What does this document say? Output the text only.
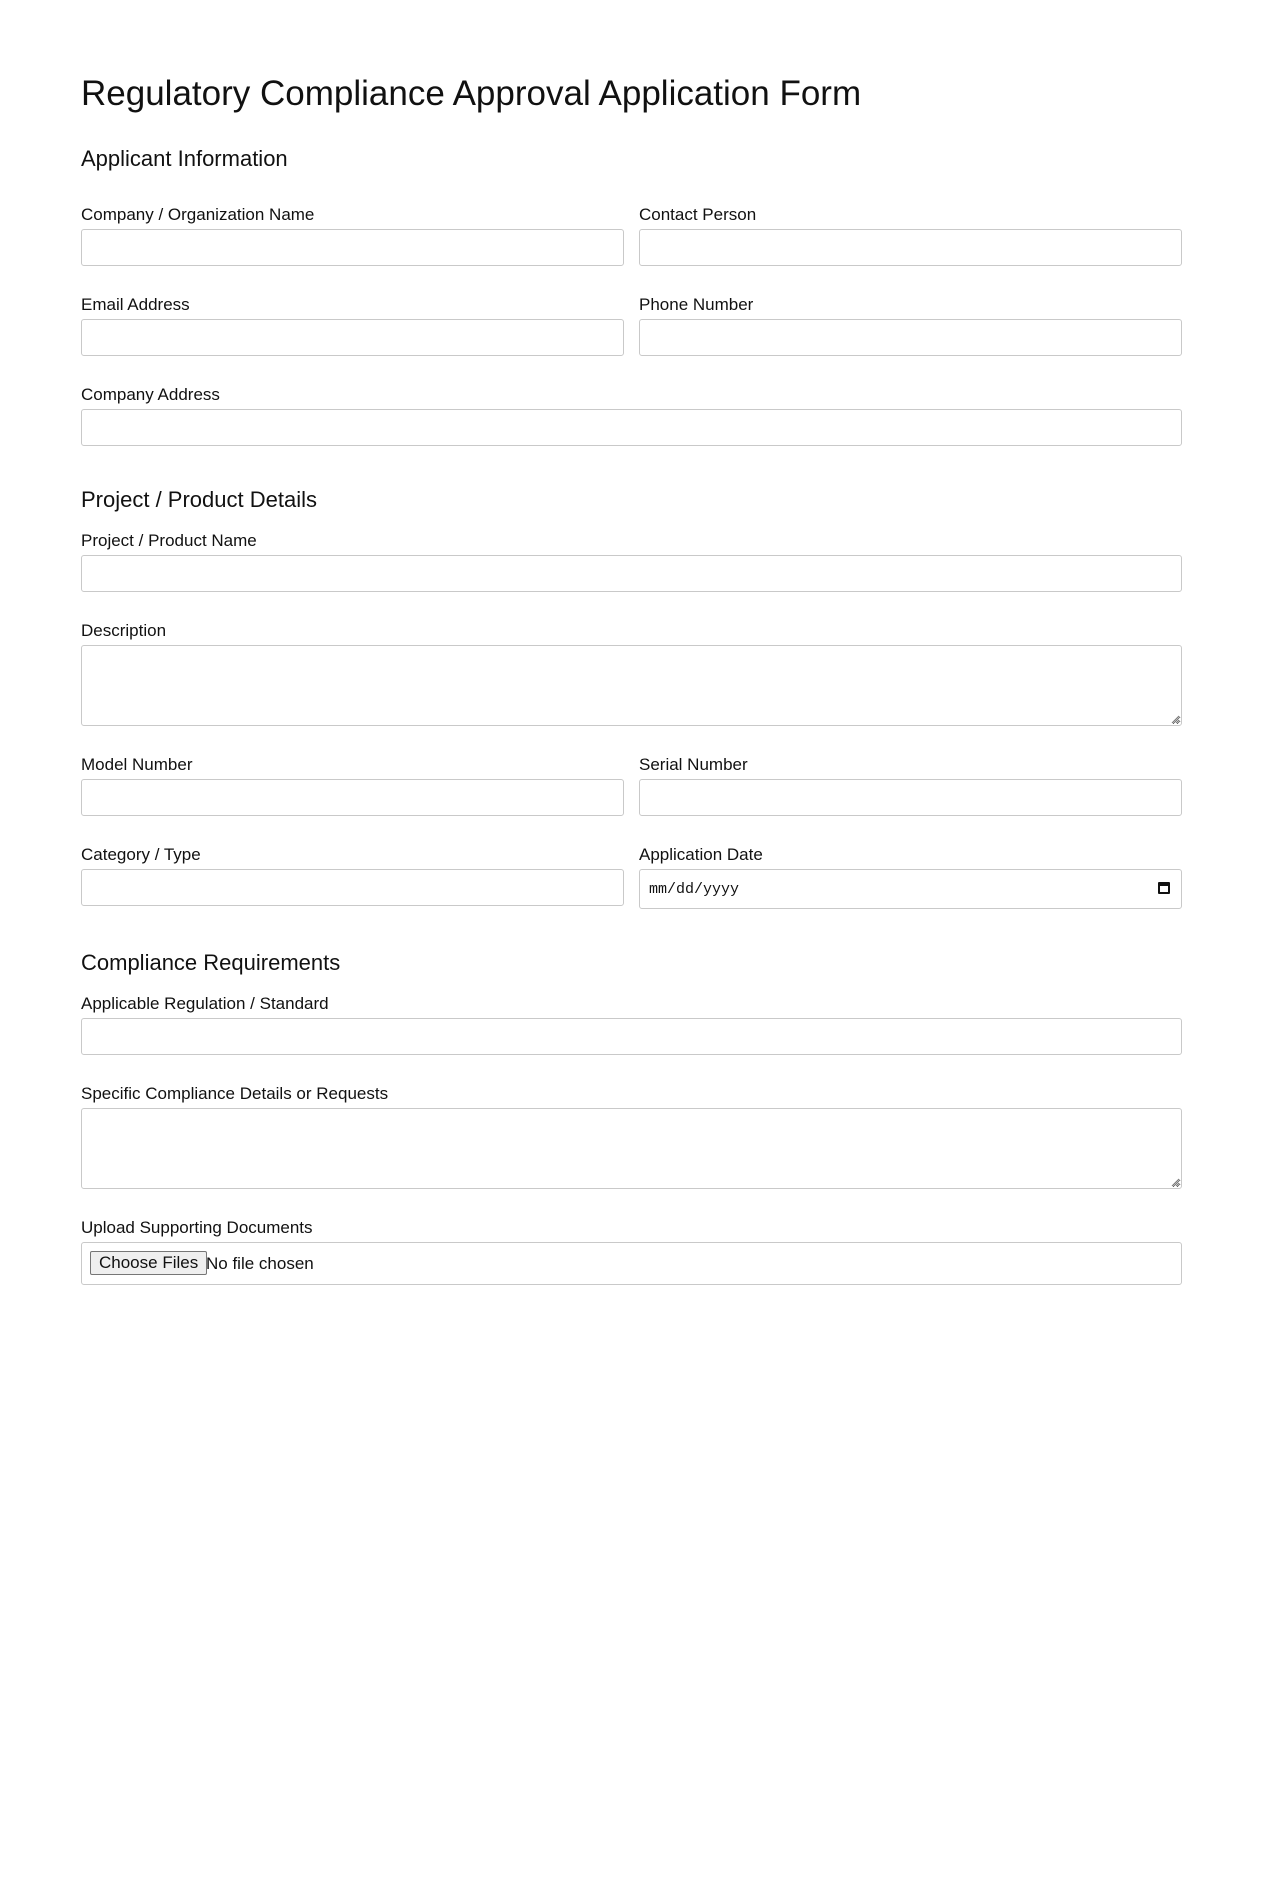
Regulatory Compliance Approval Application Form
Applicant Information
Company / Organization Name	Contact Person
Email Address	Phone Number
Company Address
Project / Product Details
Project / Product Name
Description
Model Number	Serial Number
Category / Type	Application Date
mm/dd/yyyy
Compliance Requirements
Applicable Regulation / Standard
Specific Compliance Details or Requests
Upload Supporting Documents
Choose Files No file chosen
